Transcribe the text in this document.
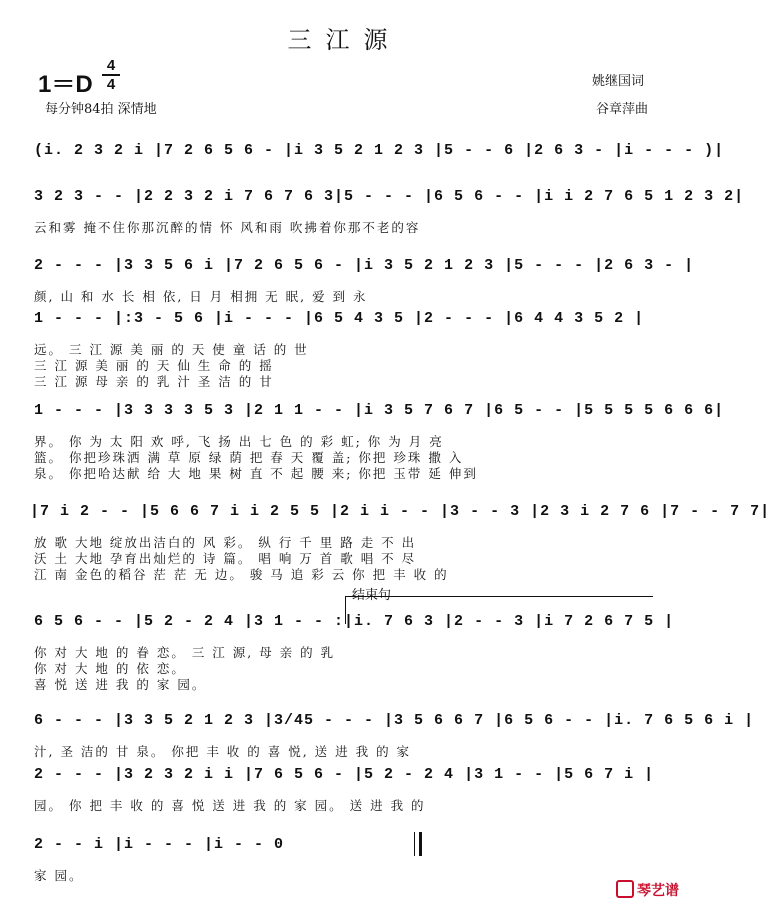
三江源
1＝D
4
4
每分钟84拍 深情地
姚继国词
谷章萍曲
(i. 2 3 2 i |7 2 6 5 6 - |i 3 5 2 1 2 3 |5 - - 6 |2 6 3 - |i - - - )|
3 2 3 - - |2 2 3 2 i 7 6 7 6 3|5 - - - |6 5 6 - - |i i 2 7 6 5 1 2 3 2|
云和雾 掩不住你那沉醉的情 怀 风和雨 吹拂着你那不老的容
2 - - - |3 3 5 6 i |7 2 6 5 6 - |i 3 5 2 1 2 3 |5 - - - |2 6 3 - |
颜, 山 和 水 长 相 依, 日 月 相拥 无 眠, 爱 到 永
1 - - - |:3 - 5 6 |i - - - |6 5 4 3 5 |2 - - - |6 4 4 3 5 2 |
远。 三 江 源 美 丽 的 天 使 童 话 的 世
三 江 源 美 丽 的 天 仙 生 命 的 摇
三 江 源 母 亲 的 乳 汁 圣 洁 的 甘
1 - - - |3 3 3 3 5 3 |2 1 1 - - |i 3 5 7 6 7 |6 5 - - |5 5 5 5 6 6 6|
界。 你 为 太 阳 欢 呼, 飞 扬 出 七 色 的 彩 虹; 你 为 月 亮
篮。 你把珍珠洒 满 草 原 绿 荫 把 春 天 覆 盖; 你把 珍珠 撒 入
泉。 你把哈达献 给 大 地 果 树 直 不 起 腰 来; 你把 玉带 延 伸到
|7 i 2 - - |5 6 6 7 i i 2 5 5 |2 i i - - |3 - - 3 |2 3 i 2 7 6 |7 - - 7 7|
放 歌 大地 绽放出洁白的 风 彩。 纵 行 千 里 路 走 不 出
沃 土 大地 孕育出灿烂的 诗 篇。 唱 响 万 首 歌 唱 不 尽
江 南 金色的稻谷 茫 茫 无 边。 骏 马 追 彩 云 你 把 丰 收 的
结束句
6 5 6 - - |5 2 - 2 4 |3 1 - - :|i. 7 6 3 |2 - - 3 |i 7 2 6 7 5 |
你 对 大 地 的 眷 恋。 三 江 源, 母 亲 的 乳
你 对 大 地 的 依 恋。
喜 悦 送 进 我 的 家 园。
6 - - - |3 3 5 2 1 2 3 |3/45 - - - |3 5 6 6 7 |6 5 6 - - |i. 7 6 5 6 i |
汁, 圣 洁的 甘 泉。 你把 丰 收 的 喜 悦, 送 进 我 的 家
2 - - - |3 2 3 2 i i |7 6 5 6 - |5 2 - 2 4 |3 1 - - |5 6 7 i |
园。 你 把 丰 收 的 喜 悦 送 进 我 的 家 园。 送 进 我 的
2 - - i |i - - - |i - - 0
家 园。
琴艺谱
